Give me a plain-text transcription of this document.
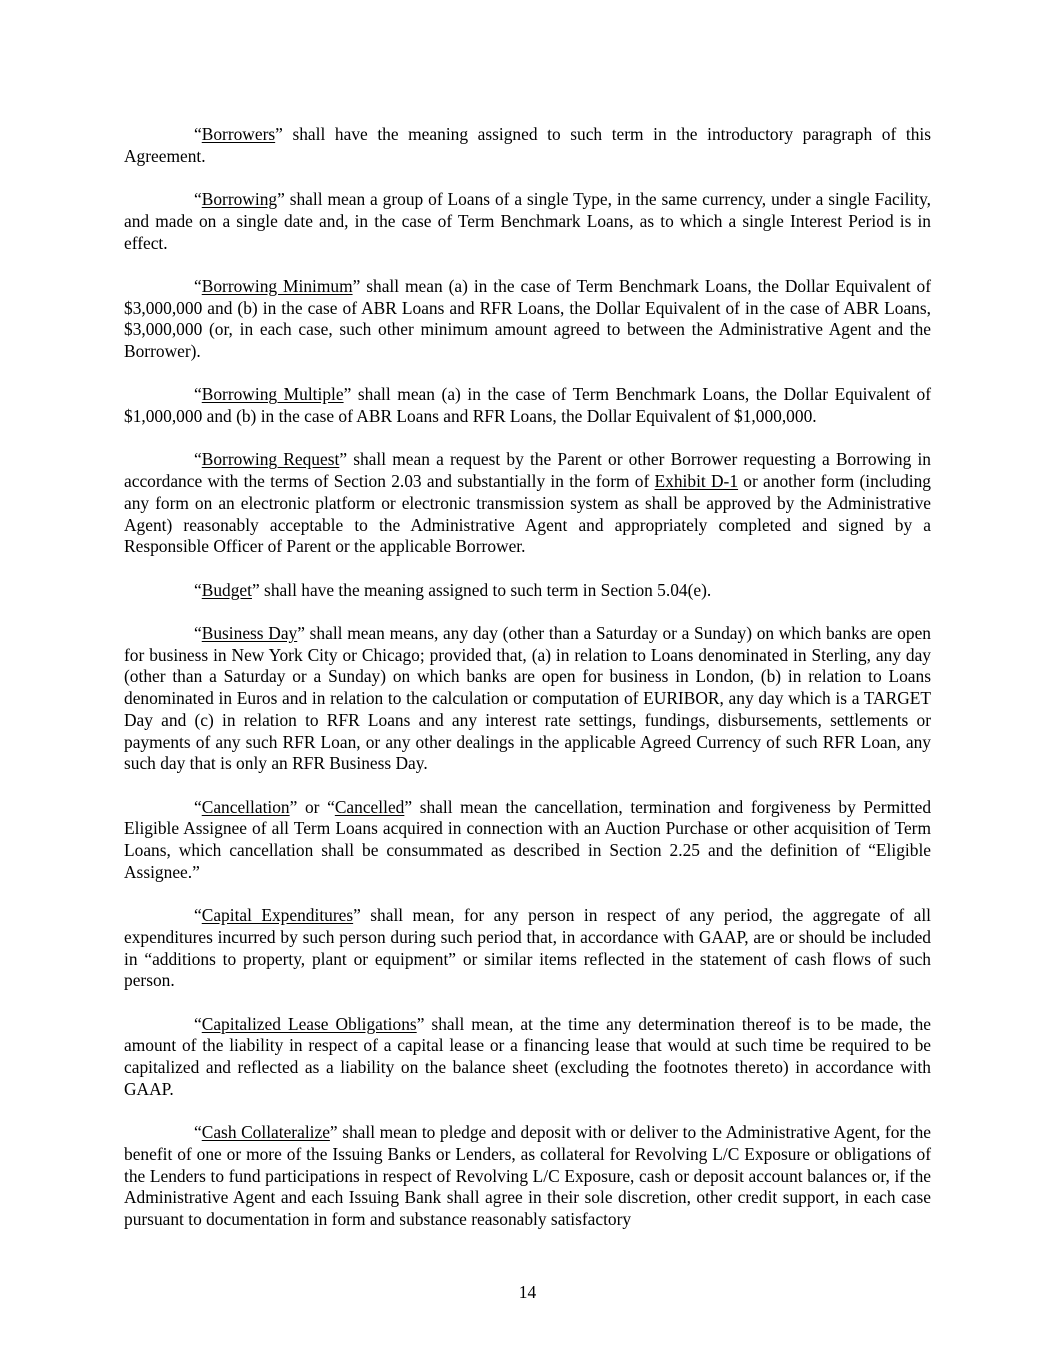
“Borrowers” shall have the meaning assigned to such term in the introductory paragraph of this Agreement.

“Borrowing” shall mean a group of Loans of a single Type, in the same currency, under a single Facility, and made on a single date and, in the case of Term Benchmark Loans, as to which a single Interest Period is in effect.

“Borrowing Minimum” shall mean (a) in the case of Term Benchmark Loans, the Dollar Equivalent of $3,000,000 and (b) in the case of ABR Loans and RFR Loans, the Dollar Equivalent of in the case of ABR Loans, $3,000,000 (or, in each case, such other minimum amount agreed to between the Administrative Agent and the Borrower).

“Borrowing Multiple” shall mean (a) in the case of Term Benchmark Loans, the Dollar Equivalent of $1,000,000 and (b) in the case of ABR Loans and RFR Loans, the Dollar Equivalent of $1,000,000.

“Borrowing Request” shall mean a request by the Parent or other Borrower requesting a Borrowing in accordance with the terms of Section 2.03 and substantially in the form of Exhibit D-1 or another form (including any form on an electronic platform or electronic transmission system as shall be approved by the Administrative Agent) reasonably acceptable to the Administrative Agent and appropriately completed and signed by a Responsible Officer of Parent or the applicable Borrower.

“Budget” shall have the meaning assigned to such term in Section 5.04(e).

“Business Day” shall mean means, any day (other than a Saturday or a Sunday) on which banks are open for business in New York City or Chicago; provided that, (a) in relation to Loans denominated in Sterling, any day (other than a Saturday or a Sunday) on which banks are open for business in London, (b) in relation to Loans denominated in Euros and in relation to the calculation or computation of EURIBOR, any day which is a TARGET Day and (c) in relation to RFR Loans and any interest rate settings, fundings, disbursements, settlements or payments of any such RFR Loan, or any other dealings in the applicable Agreed Currency of such RFR Loan, any such day that is only an RFR Business Day.

“Cancellation” or “Cancelled” shall mean the cancellation, termination and forgiveness by Permitted Eligible Assignee of all Term Loans acquired in connection with an Auction Purchase or other acquisition of Term Loans, which cancellation shall be consummated as described in Section 2.25 and the definition of “Eligible Assignee.”

“Capital Expenditures” shall mean, for any person in respect of any period, the aggregate of all expenditures incurred by such person during such period that, in accordance with GAAP, are or should be included in “additions to property, plant or equipment” or similar items reflected in the statement of cash flows of such person.

“Capitalized Lease Obligations” shall mean, at the time any determination thereof is to be made, the amount of the liability in respect of a capital lease or a financing lease that would at such time be required to be capitalized and reflected as a liability on the balance sheet (excluding the footnotes thereto) in accordance with GAAP.

“Cash Collateralize” shall mean to pledge and deposit with or deliver to the Administrative Agent, for the benefit of one or more of the Issuing Banks or Lenders, as collateral for Revolving L/C Exposure or obligations of the Lenders to fund participations in respect of Revolving L/C Exposure, cash or deposit account balances or, if the Administrative Agent and each Issuing Bank shall agree in their sole discretion, other credit support, in each case pursuant to documentation in form and substance reasonably satisfactory

14
